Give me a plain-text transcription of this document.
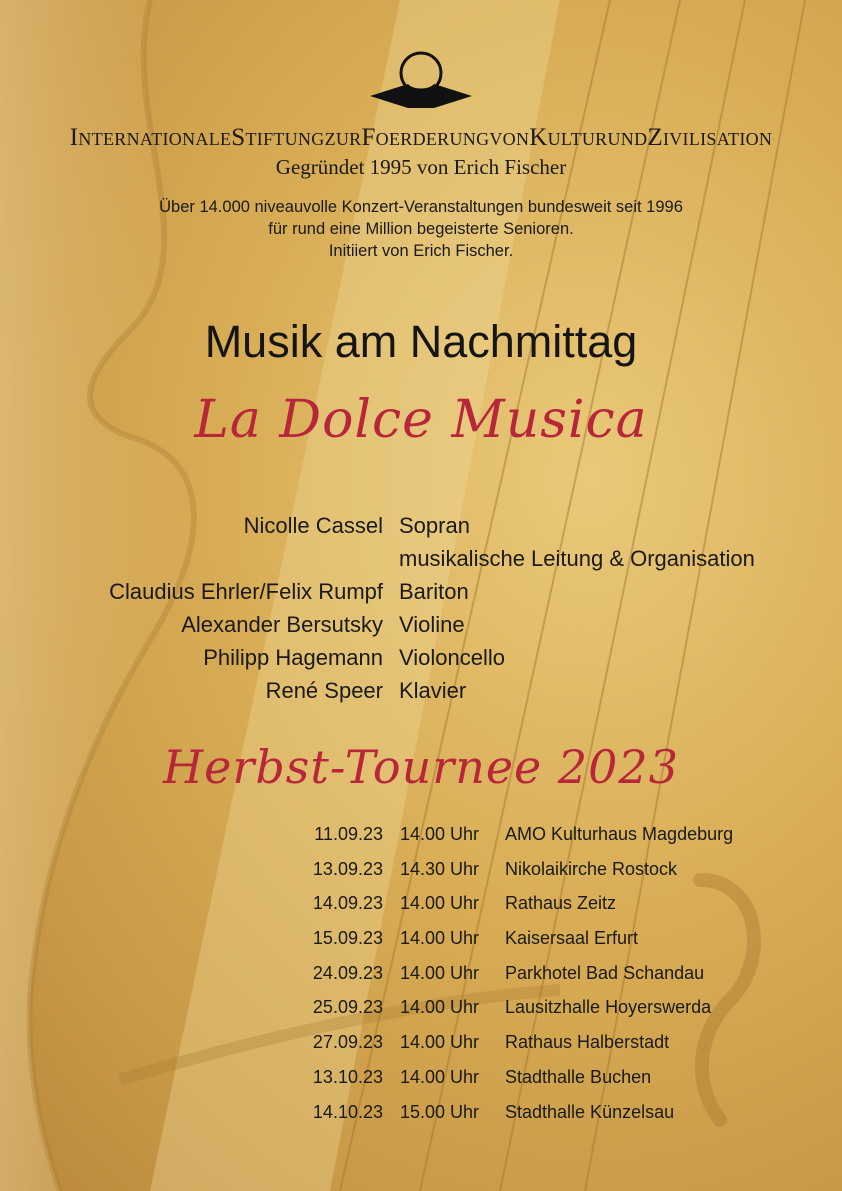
InternationaleStiftungzurFoerderungvonKulturundZivilisation
Gegründet 1995 von Erich Fischer
Über 14.000 niveauvolle Konzert-Veranstaltungen bundesweit seit 1996
für rund eine Million begeisterte Senioren.
Initiiert von Erich Fischer.
Musik am Nachmittag
La Dolce Musica
Nicolle Cassel Sopran
musikalische Leitung & Organisation
Claudius Ehrler/Felix Rumpf Bariton
Alexander Bersutsky Violine
Philipp Hagemann Violoncello
René Speer Klavier
Herbst-Tournee 2023
11.09.23 14.00 Uhr AMO Kulturhaus Magdeburg
13.09.23 14.30 Uhr Nikolaikirche Rostock
14.09.23 14.00 Uhr Rathaus Zeitz
15.09.23 14.00 Uhr Kaisersaal Erfurt
24.09.23 14.00 Uhr Parkhotel Bad Schandau
25.09.23 14.00 Uhr Lausitzhalle Hoyerswerda
27.09.23 14.00 Uhr Rathaus Halberstadt
13.10.23 14.00 Uhr Stadthalle Buchen
14.10.23 15.00 Uhr Stadthalle Künzelsau
